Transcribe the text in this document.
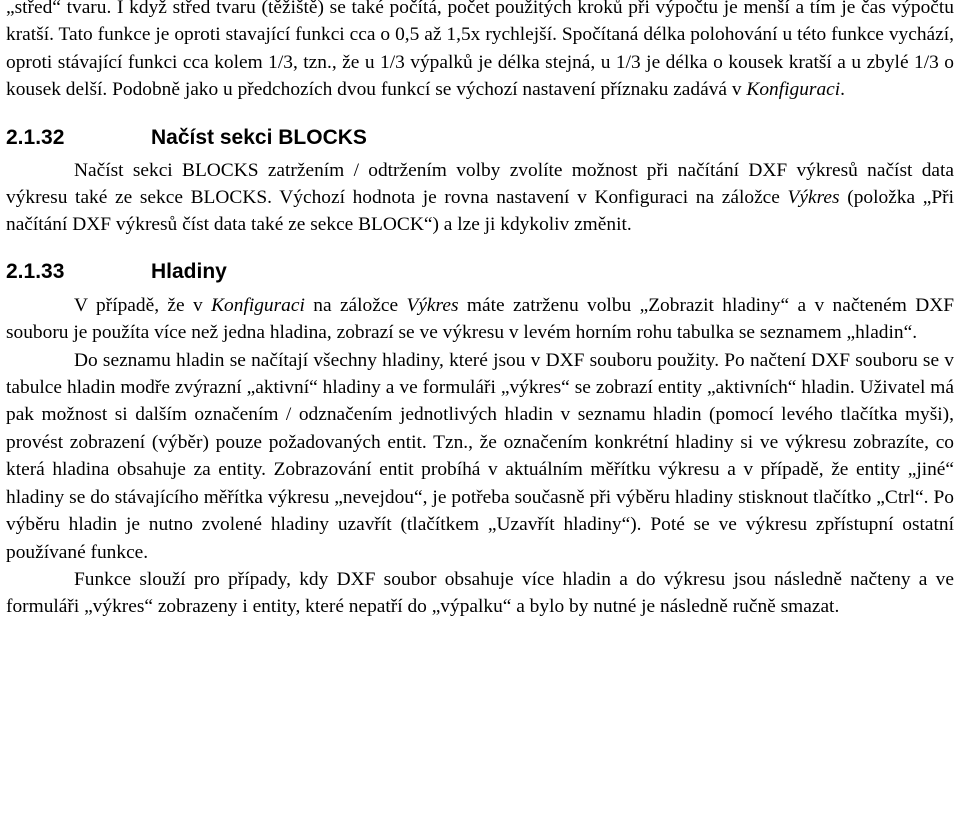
„střed“ tvaru. I když střed tvaru (těžiště) se také počítá, počet použitých kroků při výpočtu je menší a tím je čas výpočtu kratší. Tato funkce je oproti stavající funkci cca o 0,5 až 1,5x rychlejší. Spočítaná délka polohování u této funkce vychází, oproti stávající funkci cca kolem 1/3, tzn., že u 1/3 výpalků je délka stejná, u 1/3 je délka o kousek kratší a u zbylé 1/3 o kousek delší. Podobně jako u předchozích dvou funkcí se výchozí nastavení příznaku zadává v Konfiguraci.

2.1.32	Načíst sekci BLOCKS

Načíst sekci BLOCKS zatržením / odtržením volby zvolíte možnost při načítání DXF výkresů načíst data výkresu také ze sekce BLOCKS. Výchozí hodnota je rovna nastavení v Konfiguraci na záložce Výkres (položka „Při načítání DXF výkresů číst data také ze sekce BLOCK“) a lze ji kdykoliv změnit.

2.1.33	Hladiny

V případě, že v Konfiguraci na záložce Výkres máte zatrženu volbu „Zobrazit hladiny“ a v načteném DXF souboru je použíta více než jedna hladina, zobrazí se ve výkresu v levém horním rohu tabulka se seznamem „hladin“.

Do seznamu hladin se načítají všechny hladiny, které jsou v DXF souboru použity. Po načtení DXF souboru se v tabulce hladin modře zvýrazní „aktivní“ hladiny a ve formuláři „výkres“ se zobrazí entity „aktivních“ hladin. Uživatel má pak možnost si dalším označením / odznačením jednotlivých hladin v seznamu hladin (pomocí levého tlačítka myši), provést zobrazení (výběr) pouze požadovaných entit. Tzn., že označením konkrétní hladiny si ve výkresu zobrazíte, co která hladina obsahuje za entity. Zobrazování entit probíhá v aktuálním měřítku výkresu a v případě, že entity „jiné“ hladiny se do stávajícího měřítka výkresu „nevejdou“, je potřeba současně při výběru hladiny stisknout tlačítko „Ctrl“. Po výběru hladin je nutno zvolené hladiny uzavřít (tlačítkem „Uzavřít hladiny“). Poté se ve výkresu zpřístupní ostatní používané funkce.

Funkce slouží pro případy, kdy DXF soubor obsahuje více hladin a do výkresu jsou následně načteny a ve formuláři „výkres“ zobrazeny i entity, které nepatří do „výpalku“ a bylo by nutné je následně ručně smazat.
